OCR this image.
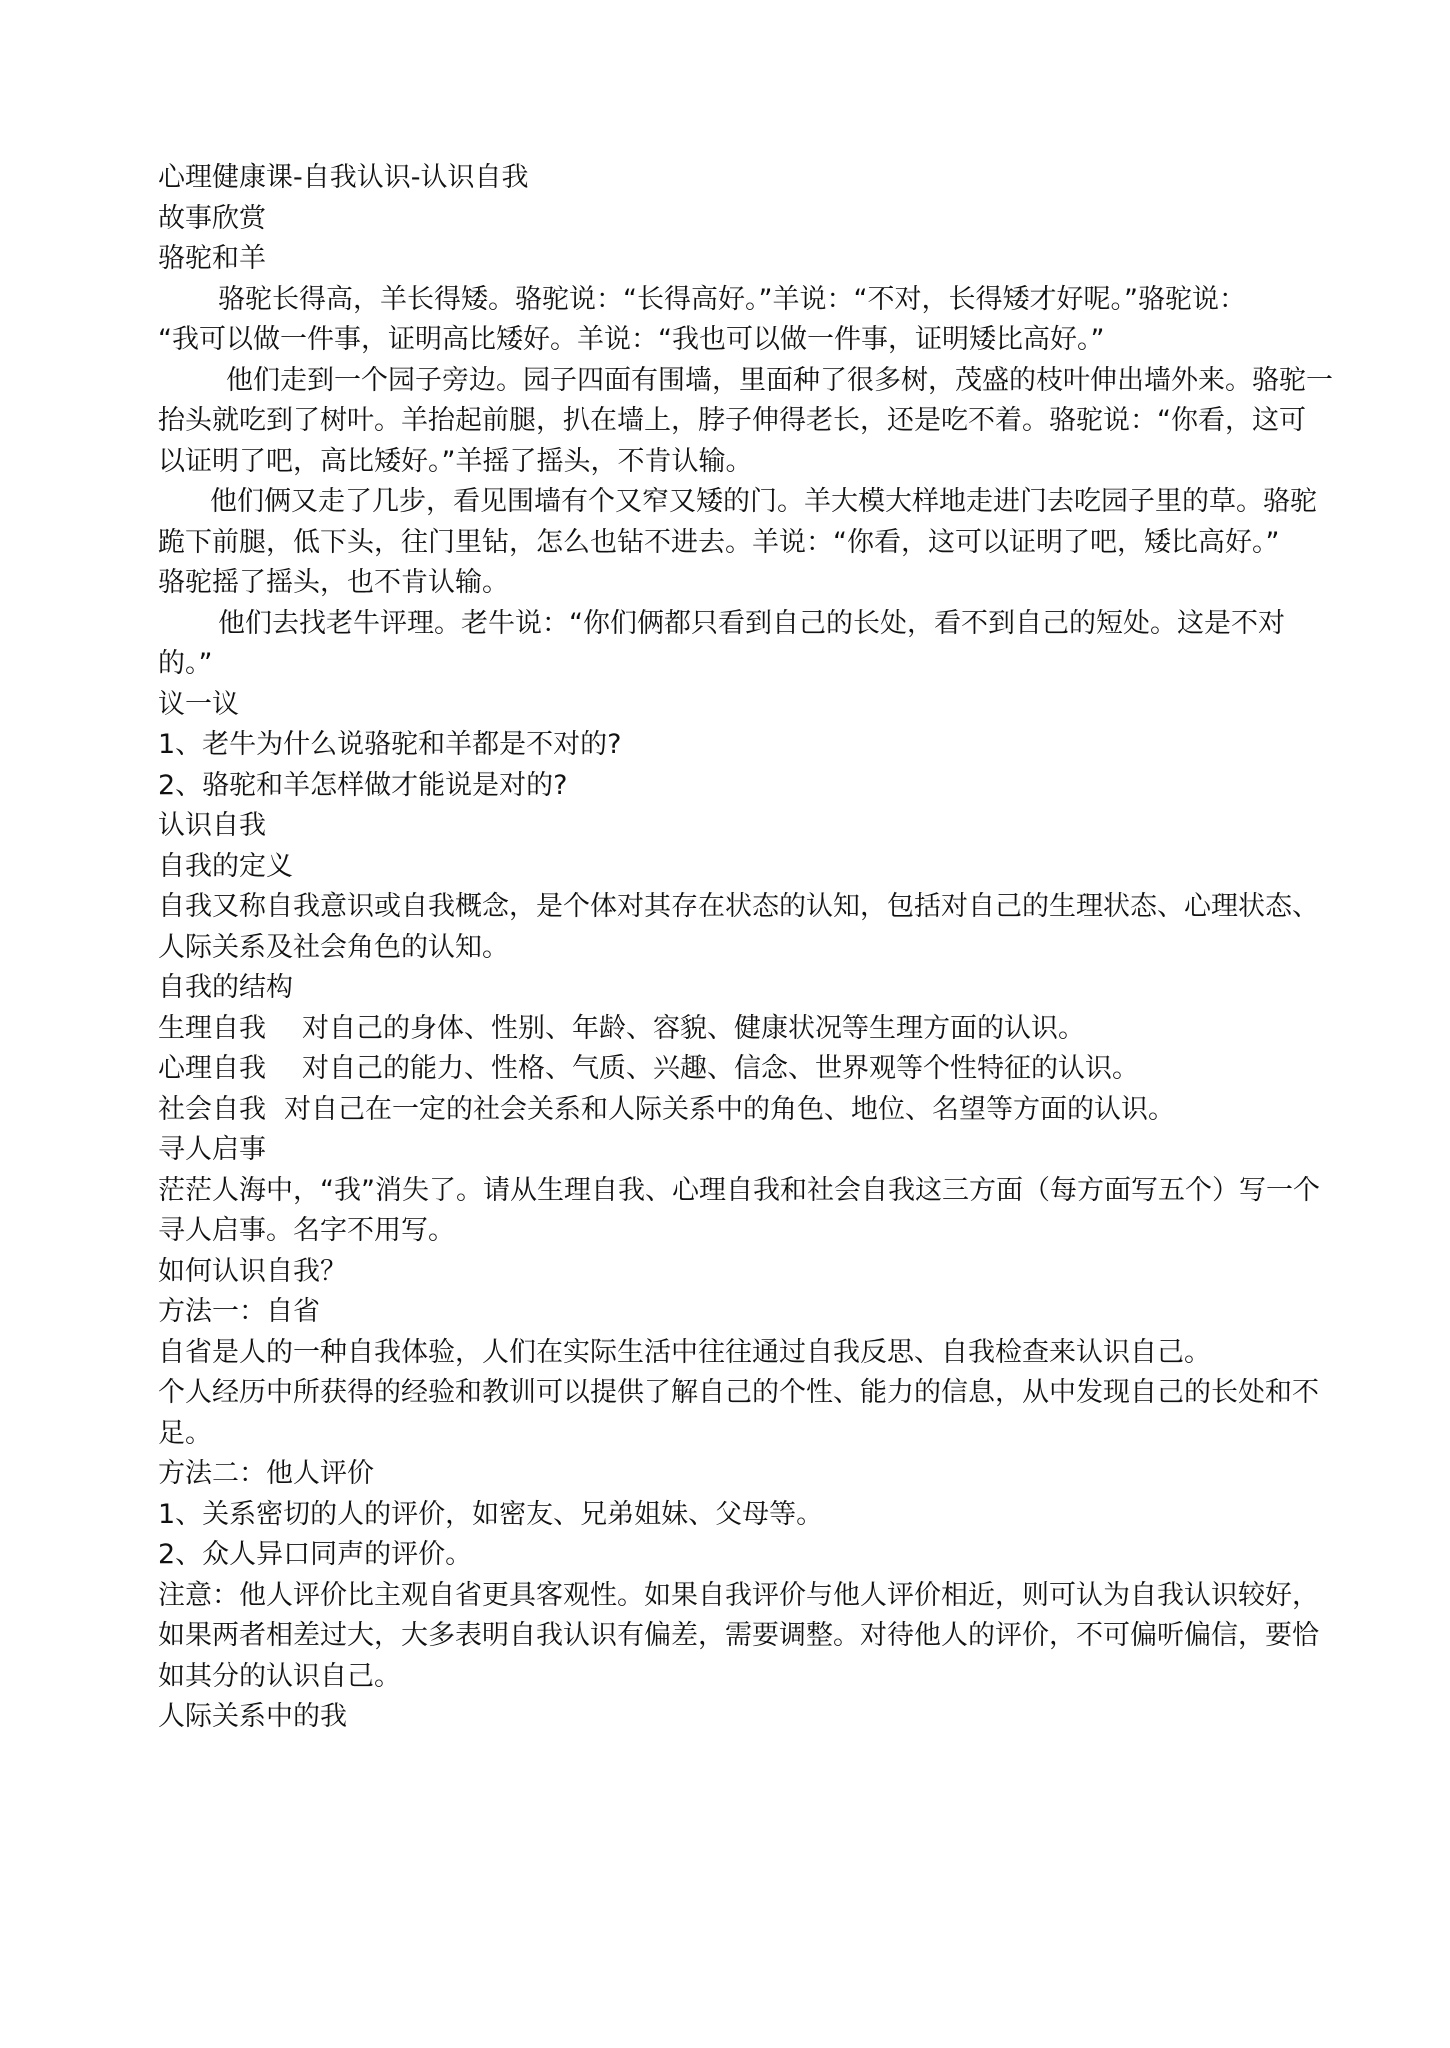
心理健康课-自我认识-认识自我
故事欣赏
骆驼和羊
骆驼长得高，羊长得矮。骆驼说：“长得高好。”羊说：“不对，长得矮才好呢。”骆驼说：
“我可以做一件事，证明高比矮好。羊说：“我也可以做一件事，证明矮比高好。”
他们走到一个园子旁边。园子四面有围墙，里面种了很多树，茂盛的枝叶伸出墙外来。骆驼一
抬头就吃到了树叶。羊抬起前腿，扒在墙上，脖子伸得老长，还是吃不着。骆驼说：“你看，这可
以证明了吧，高比矮好。”羊摇了摇头，不肯认输。
他们俩又走了几步，看见围墙有个又窄又矮的门。羊大模大样地走进门去吃园子里的草。骆驼
跪下前腿，低下头，往门里钻，怎么也钻不进去。羊说：“你看，这可以证明了吧，矮比高好。”
骆驼摇了摇头，也不肯认输。
他们去找老牛评理。老牛说：“你们俩都只看到自己的长处，看不到自己的短处。这是不对
的。”
议一议
1、老牛为什么说骆驼和羊都是不对的?
2、骆驼和羊怎样做才能说是对的?
认识自我
自我的定义
自我又称自我意识或自我概念，是个体对其存在状态的认知，包括对自己的生理状态、心理状态、
人际关系及社会角色的认知。
自我的结构
生理自我 对自己的身体、性别、年龄、容貌、健康状况等生理方面的认识。
心理自我 对自己的能力、性格、气质、兴趣、信念、世界观等个性特征的认识。
社会自我 对自己在一定的社会关系和人际关系中的角色、地位、名望等方面的认识。
寻人启事
茫茫人海中，“我”消失了。请从生理自我、心理自我和社会自我这三方面（每方面写五个）写一个
寻人启事。名字不用写。
如何认识自我？
方法一：自省
自省是人的一种自我体验，人们在实际生活中往往通过自我反思、自我检查来认识自己。
个人经历中所获得的经验和教训可以提供了解自己的个性、能力的信息，从中发现自己的长处和不
足。
方法二：他人评价
1、关系密切的人的评价，如密友、兄弟姐妹、父母等。
2、众人异口同声的评价。
注意：他人评价比主观自省更具客观性。如果自我评价与他人评价相近，则可认为自我认识较好，
如果两者相差过大，大多表明自我认识有偏差，需要调整。对待他人的评价，不可偏听偏信，要恰
如其分的认识自己。
人际关系中的我
